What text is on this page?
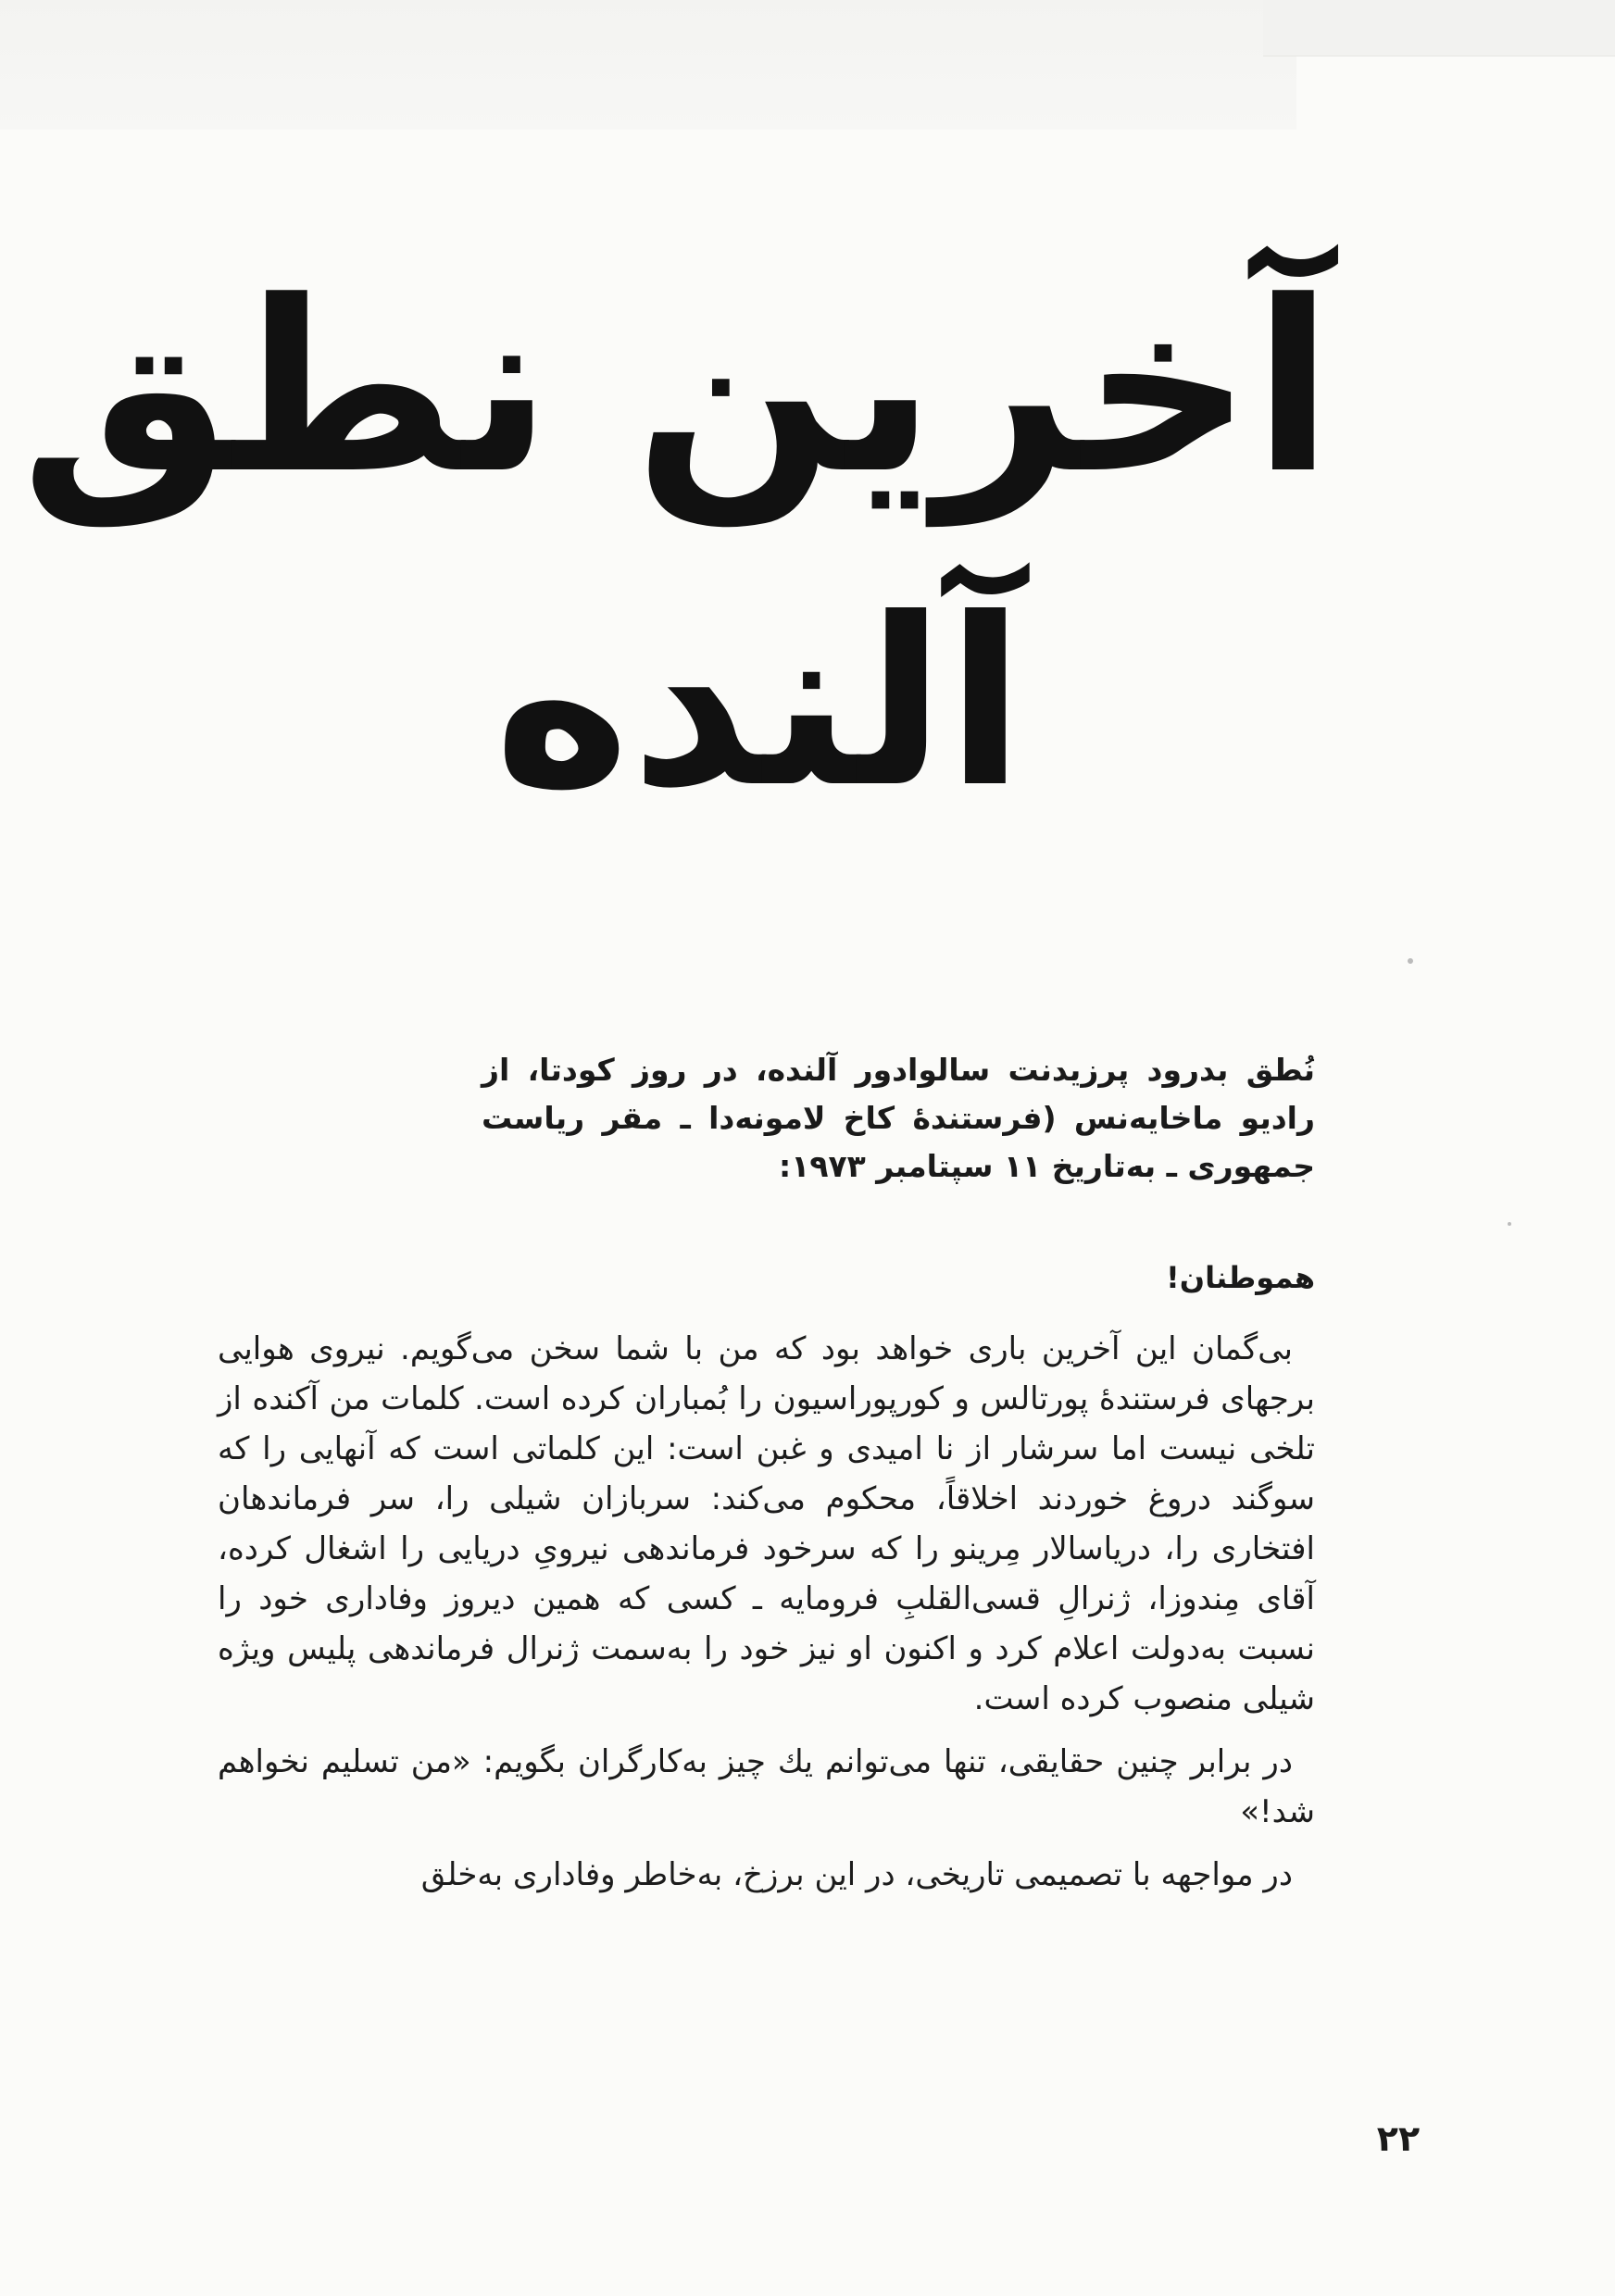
آخرین نطق
آلنده
نُطق بدرود پرزیدنت سالوادور آلنده، در روز کودتا، از رادیو ماخایه‌نس (فرستندهٔ کاخ لامونه‌دا ـ مقر ریاست جمهوری ـ به‌تاریخ ۱۱ سپتامبر ۱۹۷۳:
هموطنان!

بی‌گمان این آخرین باری خواهد بود که من با شما سخن می‌گویم. نیروی هوایی برجهای فرستندهٔ پورتالس و کورپوراسیون را بُمباران کرده است. کلمات من آکنده از تلخی نیست اما سرشار از نا امیدی و غبن است: این کلماتی است که آنهایی را که سوگند دروغ خوردند اخلاقاً، محکوم می‌کند: سربازان شیلی را، سر فرماندهان افتخاری را، دریاسالار مِرینو را که سرخود فرماندهی نیرویِ دریایی را اشغال کرده، آقای مِندوزا، ژنرالِ قسی‌القلبِ فرومایه ـ کسی که همین دیروز وفاداری خود را نسبت به‌دولت اعلام کرد و اکنون او نیز خود را به‌سمت ژنرال فرماندهی پلیس ویژه شیلی منصوب کرده است.

در برابر چنین حقایقی، تنها می‌توانم یك چیز به‌کارگران بگویم: «من تسلیم نخواهم شد!»

در مواجهه با تصمیمی تاریخی، در این برزخ، به‌خاطر وفاداری به‌خلق

۲۲
